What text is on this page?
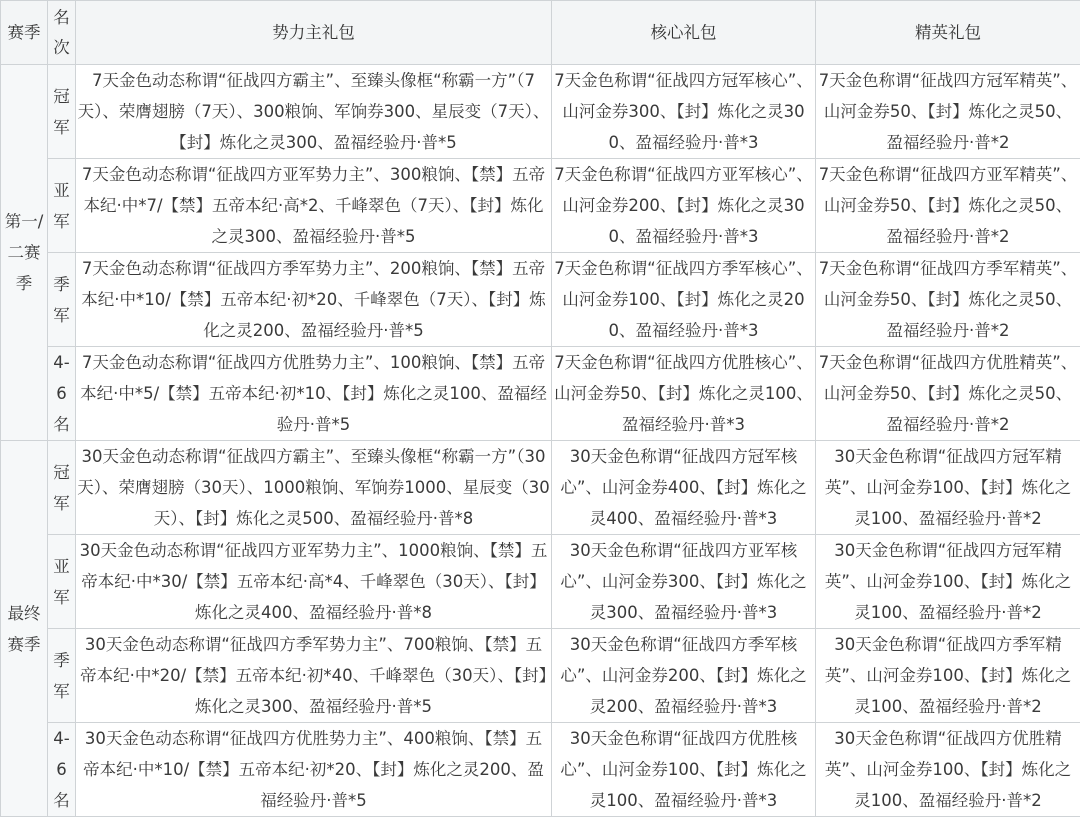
赛季	名次	势力主礼包	核心礼包	精英礼包
第一/二赛季	冠军	7天金色动态称谓“征战四方霸主”、至臻头像框“称霸一方”（7天）、荣膺翅膀（7天）、300粮饷、军饷券300、星辰变（7天）、【封】炼化之灵300、盈福经验丹·普*5	7天金色称谓“征战四方冠军核心”、山河金券300、【封】炼化之灵300、盈福经验丹·普*3	7天金色称谓“征战四方冠军精英”、山河金券50、【封】炼化之灵50、盈福经验丹·普*2
	亚军	7天金色动态称谓“征战四方亚军势力主”、300粮饷、【禁】五帝本纪·中*7/【禁】五帝本纪·高*2、千峰翠色（7天）、【封】炼化之灵300、盈福经验丹·普*5	7天金色称谓“征战四方亚军核心”、山河金券200、【封】炼化之灵300、盈福经验丹·普*3	7天金色称谓“征战四方亚军精英”、山河金券50、【封】炼化之灵50、盈福经验丹·普*2
	季军	7天金色动态称谓“征战四方季军势力主”、200粮饷、【禁】五帝本纪·中*10/【禁】五帝本纪·初*20、千峰翠色（7天）、【封】炼化之灵200、盈福经验丹·普*5	7天金色称谓“征战四方季军核心”、山河金券100、【封】炼化之灵200、盈福经验丹·普*3	7天金色称谓“征战四方季军精英”、山河金券50、【封】炼化之灵50、盈福经验丹·普*2
	4-6名	7天金色动态称谓“征战四方优胜势力主”、100粮饷、【禁】五帝本纪·中*5/【禁】五帝本纪·初*10、【封】炼化之灵100、盈福经验丹·普*5	7天金色称谓“征战四方优胜核心”、山河金券50、【封】炼化之灵100、盈福经验丹·普*3	7天金色称谓“征战四方优胜精英”、山河金券50、【封】炼化之灵50、盈福经验丹·普*2
最终赛季	冠军	30天金色动态称谓“征战四方霸主”、至臻头像框“称霸一方”（30天）、荣膺翅膀（30天）、1000粮饷、军饷券1000、星辰变（30天）、【封】炼化之灵500、盈福经验丹·普*8	30天金色称谓“征战四方冠军核心”、山河金券400、【封】炼化之灵400、盈福经验丹·普*3	30天金色称谓“征战四方冠军精英”、山河金券100、【封】炼化之灵100、盈福经验丹·普*2
	亚军	30天金色动态称谓“征战四方亚军势力主”、1000粮饷、【禁】五帝本纪·中*30/【禁】五帝本纪·高*4、千峰翠色（30天）、【封】炼化之灵400、盈福经验丹·普*8	30天金色称谓“征战四方亚军核心”、山河金券300、【封】炼化之灵300、盈福经验丹·普*3	30天金色称谓“征战四方冠军精英”、山河金券100、【封】炼化之灵100、盈福经验丹·普*2
	季军	30天金色动态称谓“征战四方季军势力主”、700粮饷、【禁】五帝本纪·中*20/【禁】五帝本纪·初*40、千峰翠色（30天）、【封】炼化之灵300、盈福经验丹·普*5	30天金色称谓“征战四方季军核心”、山河金券200、【封】炼化之灵200、盈福经验丹·普*3	30天金色称谓“征战四方季军精英”、山河金券100、【封】炼化之灵100、盈福经验丹·普*2
	4-6名	30天金色动态称谓“征战四方优胜势力主”、400粮饷、【禁】五帝本纪·中*10/【禁】五帝本纪·初*20、【封】炼化之灵200、盈福经验丹·普*5	30天金色称谓“征战四方优胜核心”、山河金券100、【封】炼化之灵100、盈福经验丹·普*3	30天金色称谓“征战四方优胜精英”、山河金券100、【封】炼化之灵100、盈福经验丹·普*2
